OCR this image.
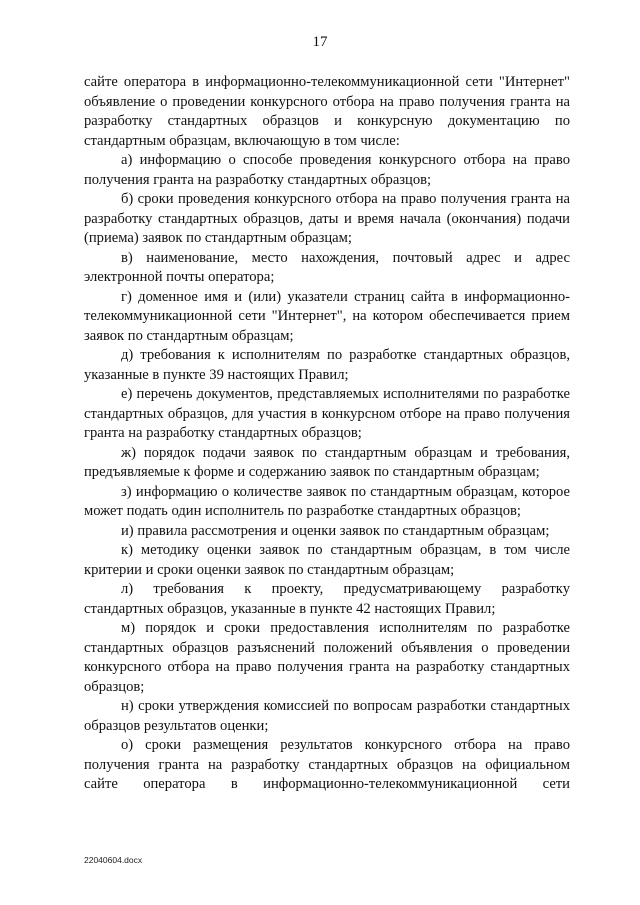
17

сайте оператора в информационно-телекоммуникационной сети "Интернет" объявление о проведении конкурсного отбора на право получения гранта на разработку стандартных образцов и конкурсную документацию по стандартным образцам, включающую в том числе:

а) информацию о способе проведения конкурсного отбора на право получения гранта на разработку стандартных образцов;

б) сроки проведения конкурсного отбора на право получения гранта на разработку стандартных образцов, даты и время начала (окончания) подачи (приема) заявок по стандартным образцам;

в) наименование, место нахождения, почтовый адрес и адрес электронной почты оператора;

г) доменное имя и (или) указатели страниц сайта в информационно-телекоммуникационной сети "Интернет", на котором обеспечивается прием заявок по стандартным образцам;

д) требования к исполнителям по разработке стандартных образцов, указанные в пункте 39 настоящих Правил;

е) перечень документов, представляемых исполнителями по разработке стандартных образцов, для участия в конкурсном отборе на право получения гранта на разработку стандартных образцов;

ж) порядок подачи заявок по стандартным образцам и требования, предъявляемые к форме и содержанию заявок по стандартным образцам;

з) информацию о количестве заявок по стандартным образцам, которое может подать один исполнитель по разработке стандартных образцов;

и) правила рассмотрения и оценки заявок по стандартным образцам;

к) методику оценки заявок по стандартным образцам, в том числе критерии и сроки оценки заявок по стандартным образцам;

л) требования к проекту, предусматривающему разработку стандартных образцов, указанные в пункте 42 настоящих Правил;

м) порядок и сроки предоставления исполнителям по разработке стандартных образцов разъяснений положений объявления о проведении конкурсного отбора на право получения гранта на разработку стандартных образцов;

н) сроки утверждения комиссией по вопросам разработки стандартных образцов результатов оценки;

о) сроки размещения результатов конкурсного отбора на право получения гранта на разработку стандартных образцов на официальном сайте оператора в информационно-телекоммуникационной сети

22040604.docx
